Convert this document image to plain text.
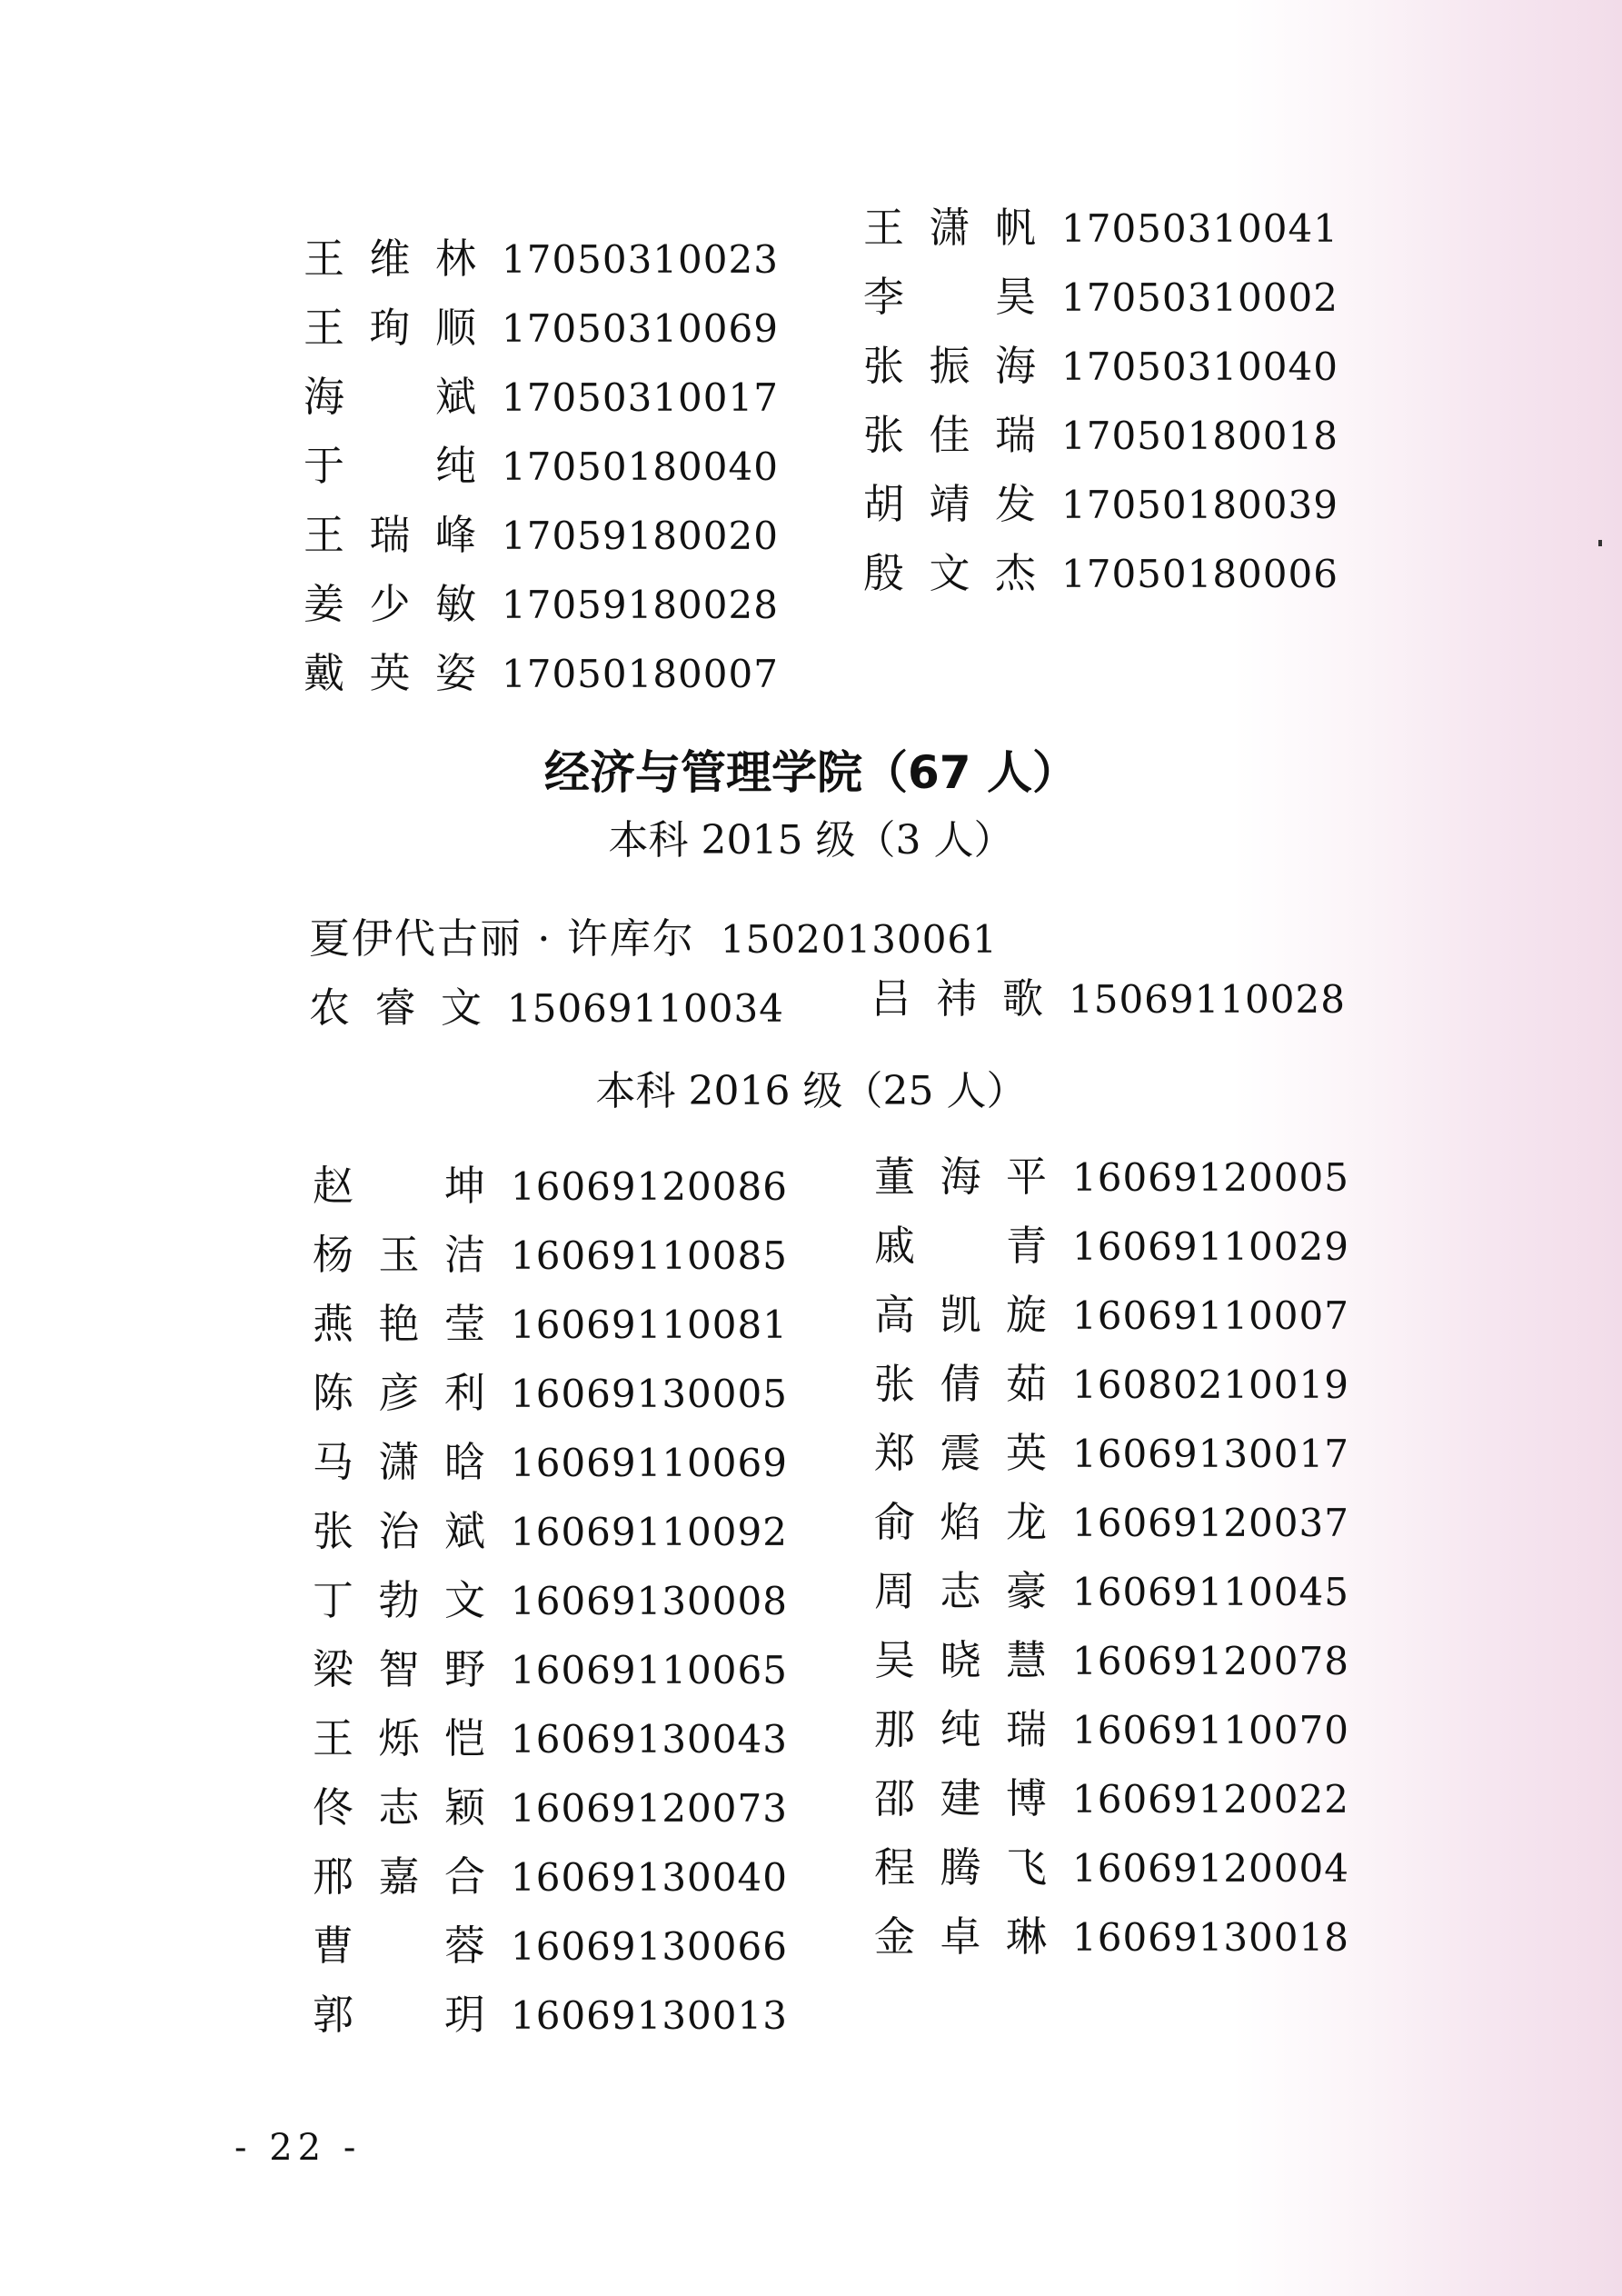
王 维 林 17050310023
王 珣 顺 17050310069
海 斌 17050310017
于 纯 17050180040
王 瑞 峰 17059180020
姜 少 敏 17059180028
戴 英 姿 17050180007
王 潇 帆 17050310041
李 昊 17050310002
张 振 海 17050310040
张 佳 瑞 17050180018
胡 靖 发 17050180039
殷 文 杰 17050180006
经济与管理学院（67 人）
本科 2015 级（3 人）
夏伊代古丽 · 许库尔 15020130061
农 睿 文 15069110034 吕 祎 歌 15069110028
本科 2016 级（25 人）
赵 坤 16069120086
杨 玉 洁 16069110085
燕 艳 莹 16069110081
陈 彦 利 16069130005
马 潇 晗 16069110069
张 治 斌 16069110092
丁 勃 文 16069130008
梁 智 野 16069110065
王 烁 恺 16069130043
佟 志 颖 16069120073
邢 嘉 合 16069130040
曹 蓉 16069130066
郭 玥 16069130013
董 海 平 16069120005
戚 青 16069110029
高 凯 旋 16069110007
张 倩 茹 16080210019
郑 震 英 16069130017
俞 焰 龙 16069120037
周 志 豪 16069110045
吴 晓 慧 16069120078
那 纯 瑞 16069110070
邵 建 博 16069120022
程 腾 飞 16069120004
金 卓 琳 16069130018
- 22 -
